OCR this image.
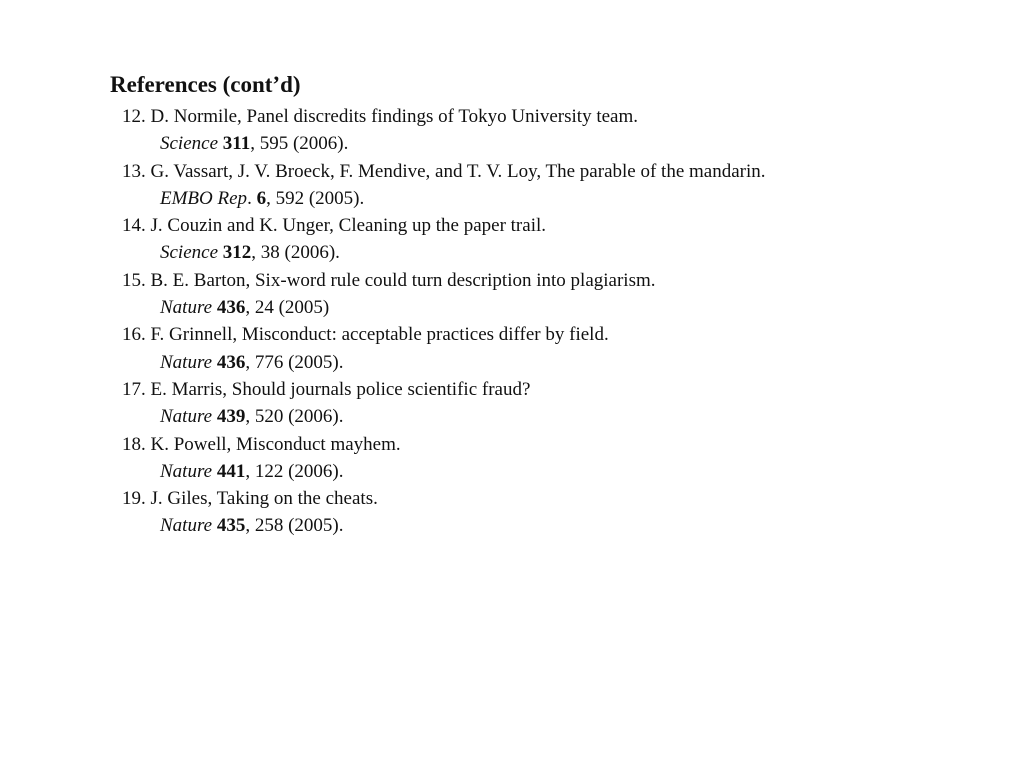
References (cont’d)
12. D. Normile, Panel discredits findings of Tokyo University team.
Science 311, 595 (2006).
13. G. Vassart, J. V. Broeck, F. Mendive, and T. V. Loy, The parable of the mandarin.
EMBO Rep. 6, 592 (2005).
14. J. Couzin and K. Unger, Cleaning up the paper trail.
Science 312, 38 (2006).
15. B. E. Barton, Six-word rule could turn description into plagiarism.
Nature 436, 24 (2005)
16. F. Grinnell, Misconduct: acceptable practices differ by field.
Nature 436, 776 (2005).
17. E. Marris, Should journals police scientific fraud?
Nature 439, 520 (2006).
18. K. Powell, Misconduct mayhem.
Nature 441, 122 (2006).
19. J. Giles, Taking on the cheats.
Nature 435, 258 (2005).
